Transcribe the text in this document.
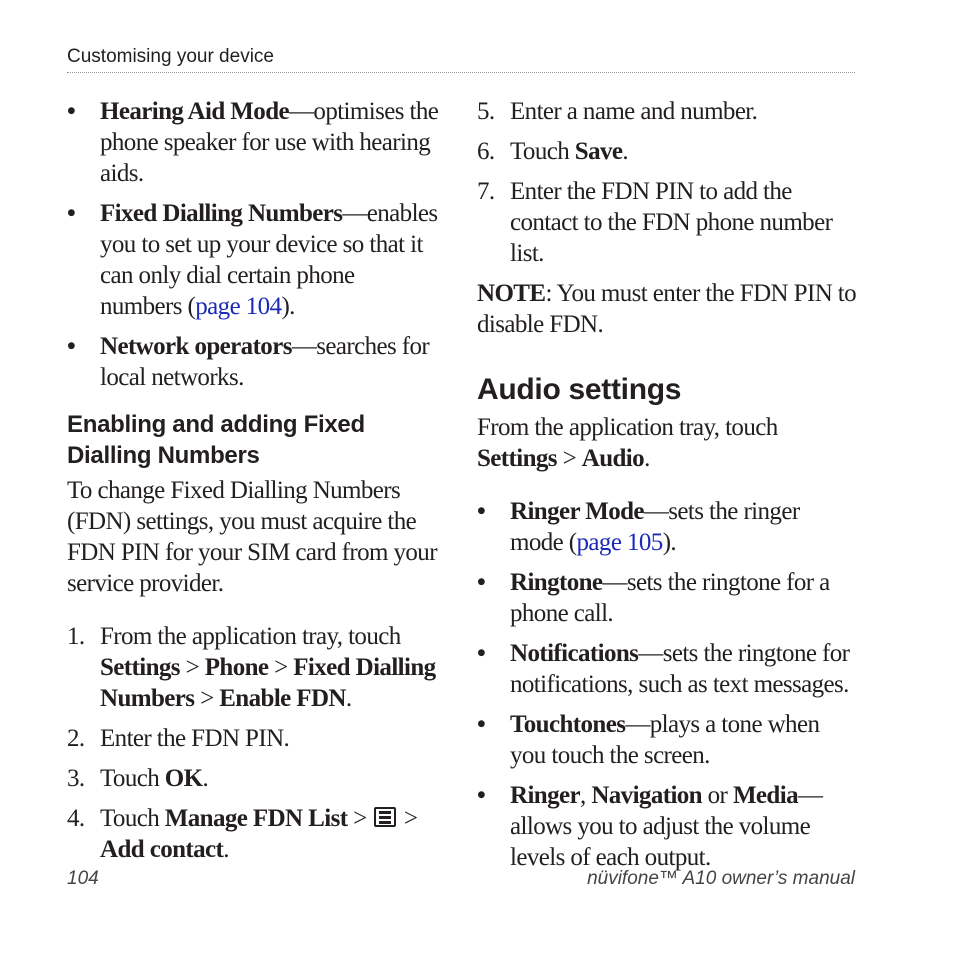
Customising your device
• Hearing Aid Mode—optimises the phone speaker for use with hearing aids.
• Fixed Dialling Numbers—enables you to set up your device so that it can only dial certain phone numbers (page 104).
• Network operators—searches for local networks.
Enabling and adding Fixed Dialling Numbers

To change Fixed Dialling Numbers (FDN) settings, you must acquire the FDN PIN for your SIM card from your service provider.

1. From the application tray, touch Settings > Phone > Fixed Dialling Numbers > Enable FDN.
2. Enter the FDN PIN.
3. Touch OK.
4. Touch Manage FDN List >
> Add contact.
5. Enter a name and number.
6. Touch Save.
7. Enter the FDN PIN to add the contact to the FDN phone number list.

NOTE: You must enter the FDN PIN to disable FDN.

Audio settings

From the application tray, touch Settings > Audio.

• Ringer Mode—sets the ringer mode (page 105).
• Ringtone—sets the ringtone for a phone call.
• Notifications—sets the ringtone for notifications, such as text messages.
• Touchtones—plays a tone when you touch the screen.
• Ringer, Navigation or Media—allows you to adjust the volume levels of each output.
104	nüvifone™ A10 owner’s manual
